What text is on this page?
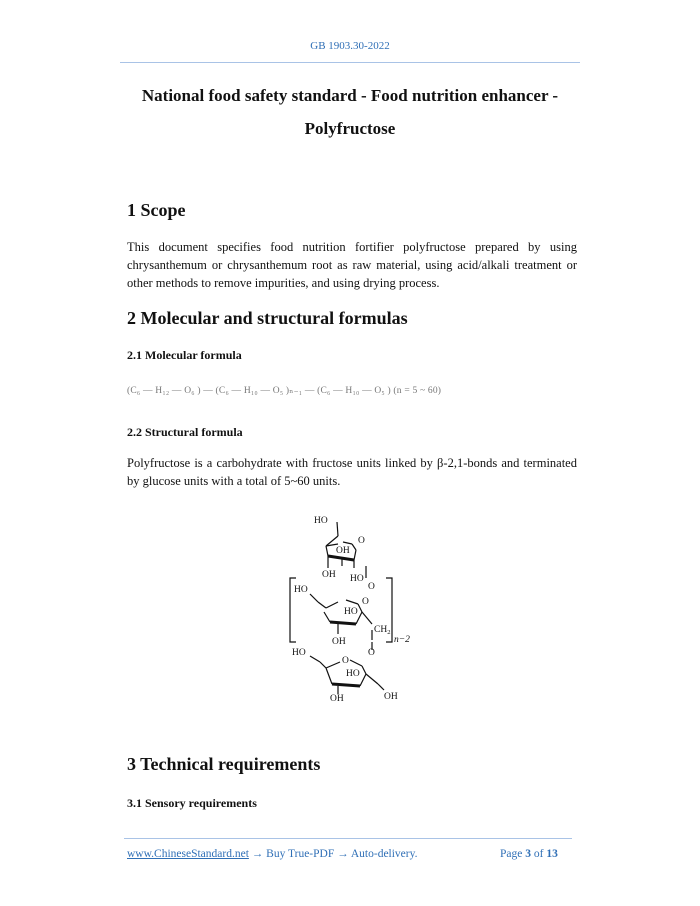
GB 1903.30-2022
National food safety standard - Food nutrition enhancer -
Polyfructose
1 Scope
This document specifies food nutrition fortifier polyfructose prepared by using chrysanthemum or chrysanthemum root as raw material, using acid/alkali treatment or other methods to remove impurities, and using drying process.
2 Molecular and structural formulas
2.1 Molecular formula
(C₆ — H₁₂ — O₆ ) — (C₆ — H₁₀ — O₅ )ₙ₋₁ — (C₆ — H₁₀ — O₅ ) (n = 5 ~ 60)
2.2 Structural formula
Polyfructose is a carbohydrate with fructose units linked by β-2,1-bonds and terminated by glucose units with a total of 5~60 units.
HO
O
OH
OH HO
O
HO
O
HO
$CH_2$
OH	n−2
O
HO
O
HO
OH	OH
3 Technical requirements
3.1 Sensory requirements
www.ChineseStandard.net → Buy True-PDF → Auto-delivery.	Page 3 of 13
